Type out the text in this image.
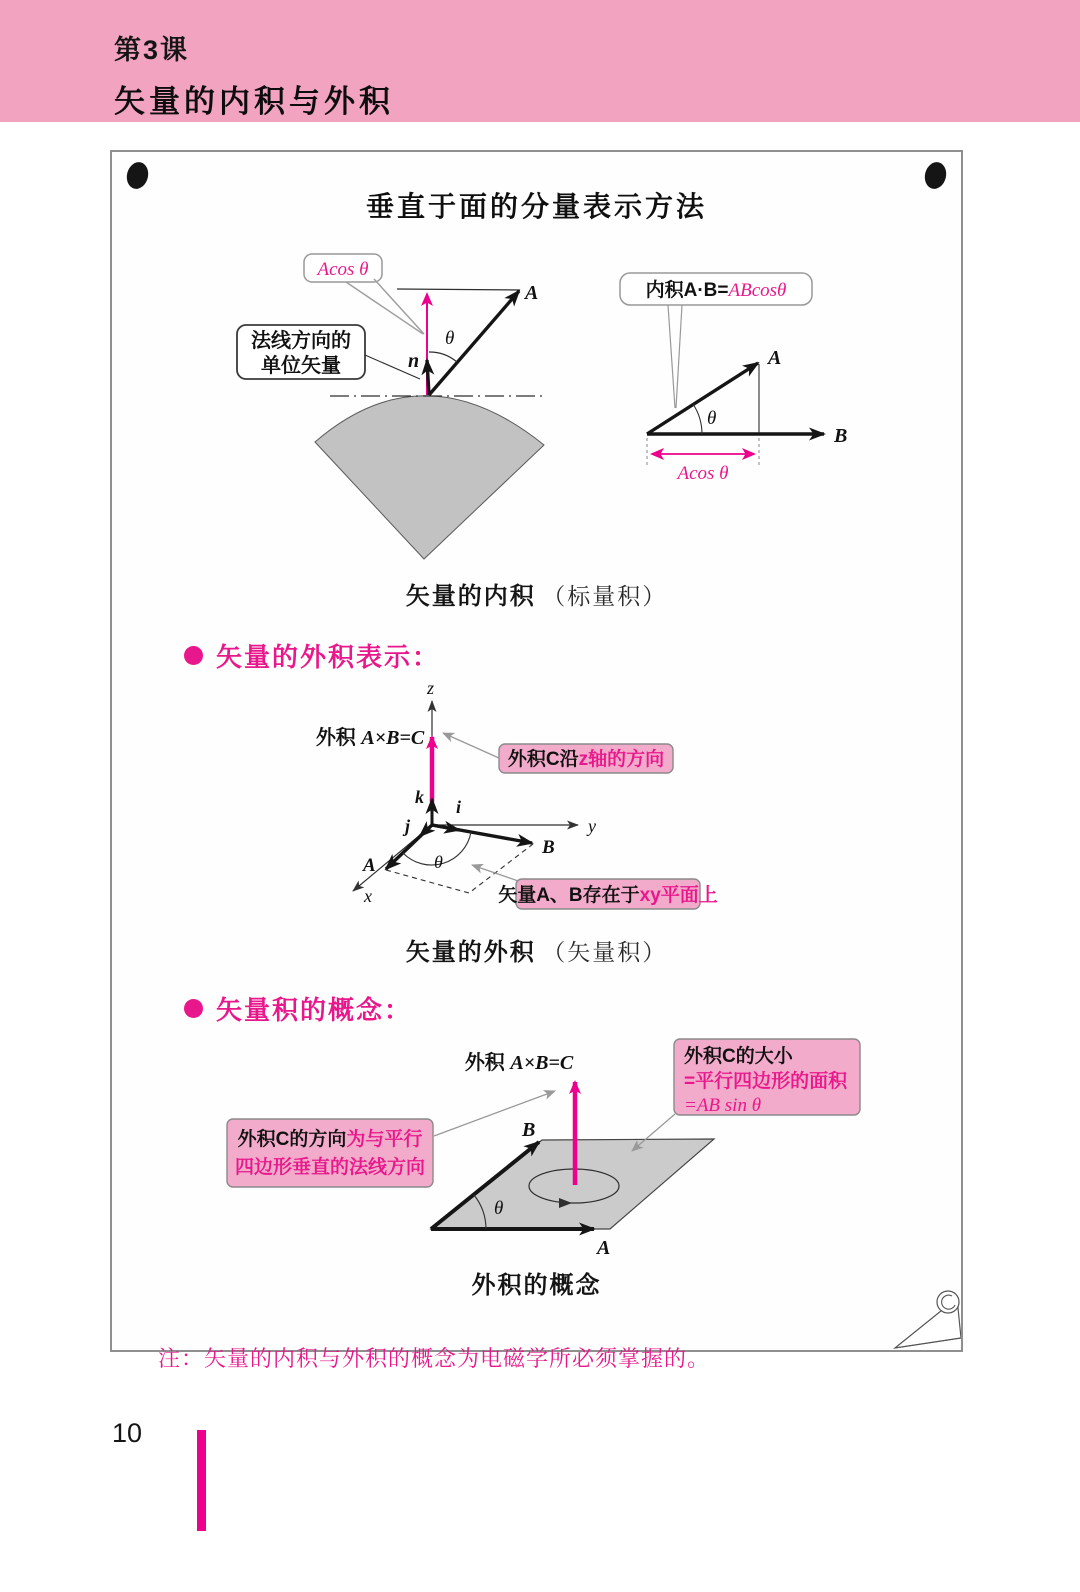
第3课
矢量的内积与外积
垂直于面的分量表示方法
A
θ
n
法线方向的
单位矢量
Acos θ
内积A·B=ABcosθ
A
B
θ
Acos θ
z
y
x
外积 A×B=C
外积C沿z轴的方向
k i
j
B
A	θ
矢量A、B存在于xy平面上
外积 A×B=C
B
A
θ
外积C的大小
=平行四边形的面积
=AB sin θ
外积C的方向为与平行
四边形垂直的法线方向
矢量的内积 （标量积）
矢量的外积表示：
矢量的外积 （矢量积）
矢量积的概念：
外积的概念
注：矢量的内积与外积的概念为电磁学所必须掌握的。
10
